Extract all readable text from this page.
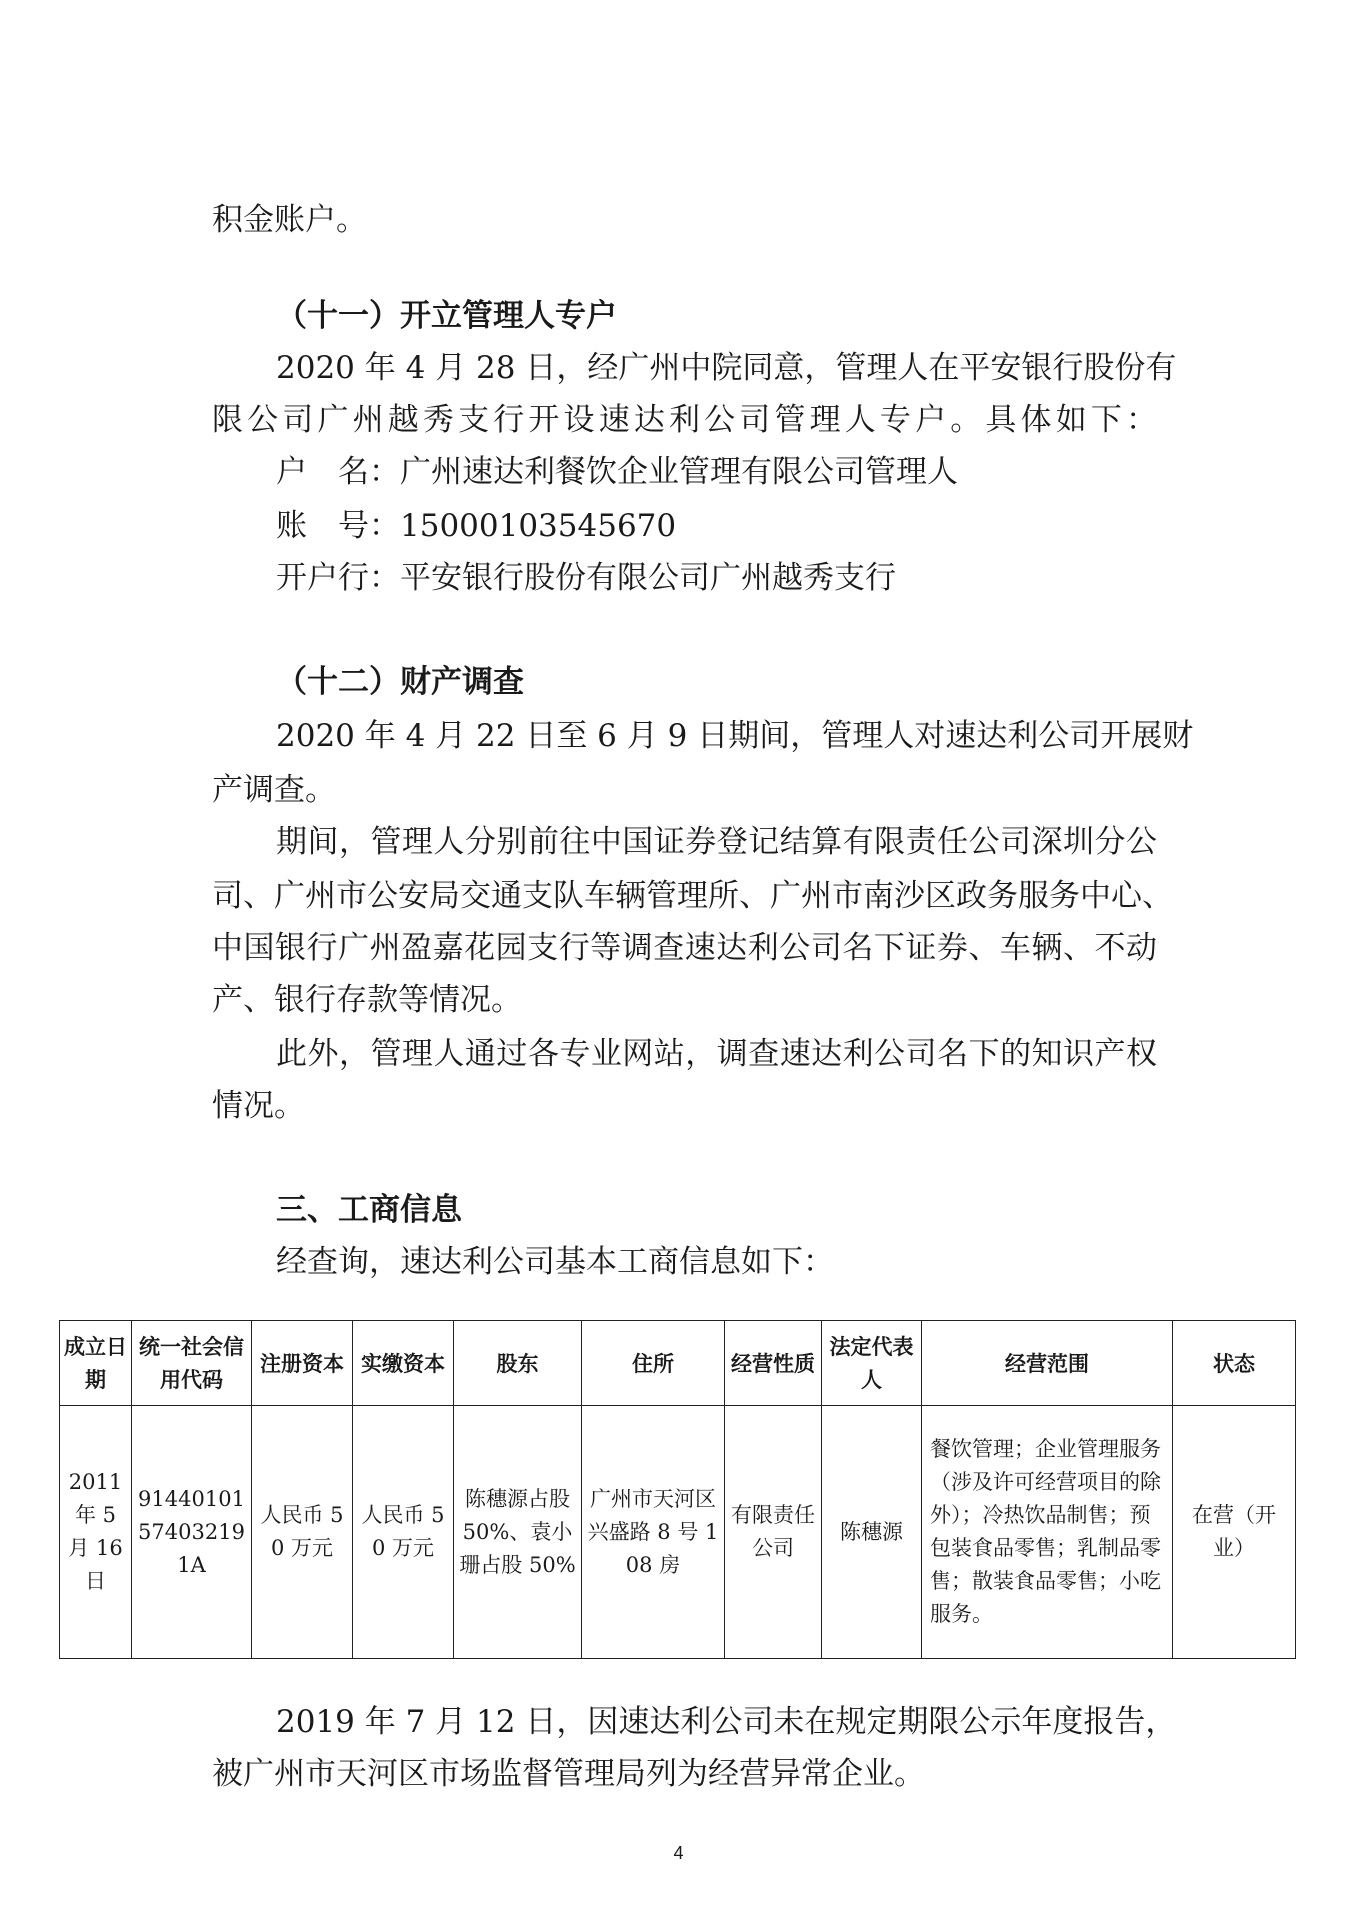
积金账户。
（十一）开立管理人专户
2020 年 4 月 28 日，经广州中院同意，管理人在平安银行股份有
限公司广州越秀支行开设速达利公司管理人专户。具体如下：
户　名：广州速达利餐饮企业管理有限公司管理人
账　号：15000103545670
开户行：平安银行股份有限公司广州越秀支行
（十二）财产调查
2020 年 4 月 22 日至 6 月 9 日期间，管理人对速达利公司开展财
产调查。
期间，管理人分别前往中国证券登记结算有限责任公司深圳分公
司、广州市公安局交通支队车辆管理所、广州市南沙区政务服务中心、
中国银行广州盈嘉花园支行等调查速达利公司名下证券、车辆、不动
产、银行存款等情况。
此外，管理人通过各专业网站，调查速达利公司名下的知识产权
情况。
三、工商信息
经查询，速达利公司基本工商信息如下：
成立日期	统一社会信用代码	注册资本	实缴资本	股东	住所	经营性质	法定代表人	经营范围	状态
2011 年 5 月 16 日	91440101574032191A	人民币 50 万元	人民币 50 万元	陈穗源占股 50%、袁小珊占股 50%	广州市天河区兴盛路 8 号 108 房	有限责任公司	陈穗源	餐饮管理；企业管理服务（涉及许可经营项目的除外）；冷热饮品制售；预包装食品零售；乳制品零售；散装食品零售；小吃服务。	在营（开业）
2019 年 7 月 12 日，因速达利公司未在规定期限公示年度报告，
被广州市天河区市场监督管理局列为经营异常企业。
4
